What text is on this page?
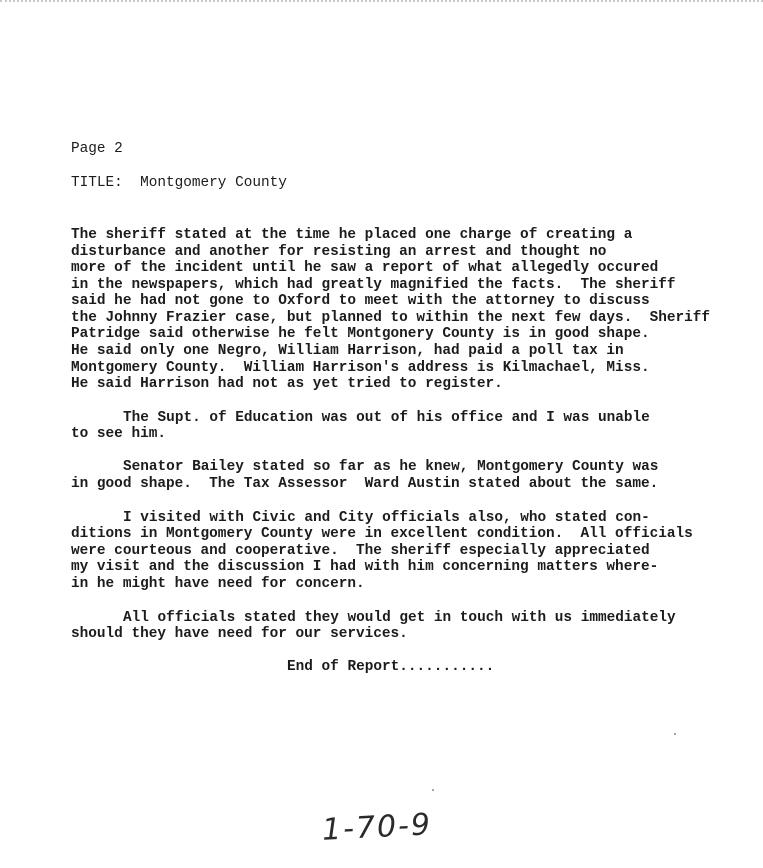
Page 2

TITLE:  Montgomery County

The sheriff stated at the time he placed one charge of creating a

disturbance and another for resisting an arrest and thought no

more of the incident until he saw a report of what allegedly occured

in the newspapers, which had greatly magnified the facts.  The sheriff

said he had not gone to Oxford to meet with the attorney to discuss

the Johnny Frazier case, but planned to within the next few days.  Sheriff

Patridge said otherwise he felt Montgonery County is in good shape.

He said only one Negro, William Harrison, had paid a poll tax in

Montgomery County.  William Harrison's address is Kilmachael, Miss.

He said Harrison had not as yet tried to register.

The Supt. of Education was out of his office and I was unable

to see him.

Senator Bailey stated so far as he knew, Montgomery County was

in good shape.  The Tax Assessor  Ward Austin stated about the same.

I visited with Civic and City officials also, who stated con-

ditions in Montgomery County were in excellent condition.  All officials

were courteous and cooperative.  The sheriff especially appreciated

my visit and the discussion I had with him concerning matters where-

in he might have need for concern.

All officials stated they would get in touch with us immediately

should they have need for our services.

End of Report...........
1-70-9
